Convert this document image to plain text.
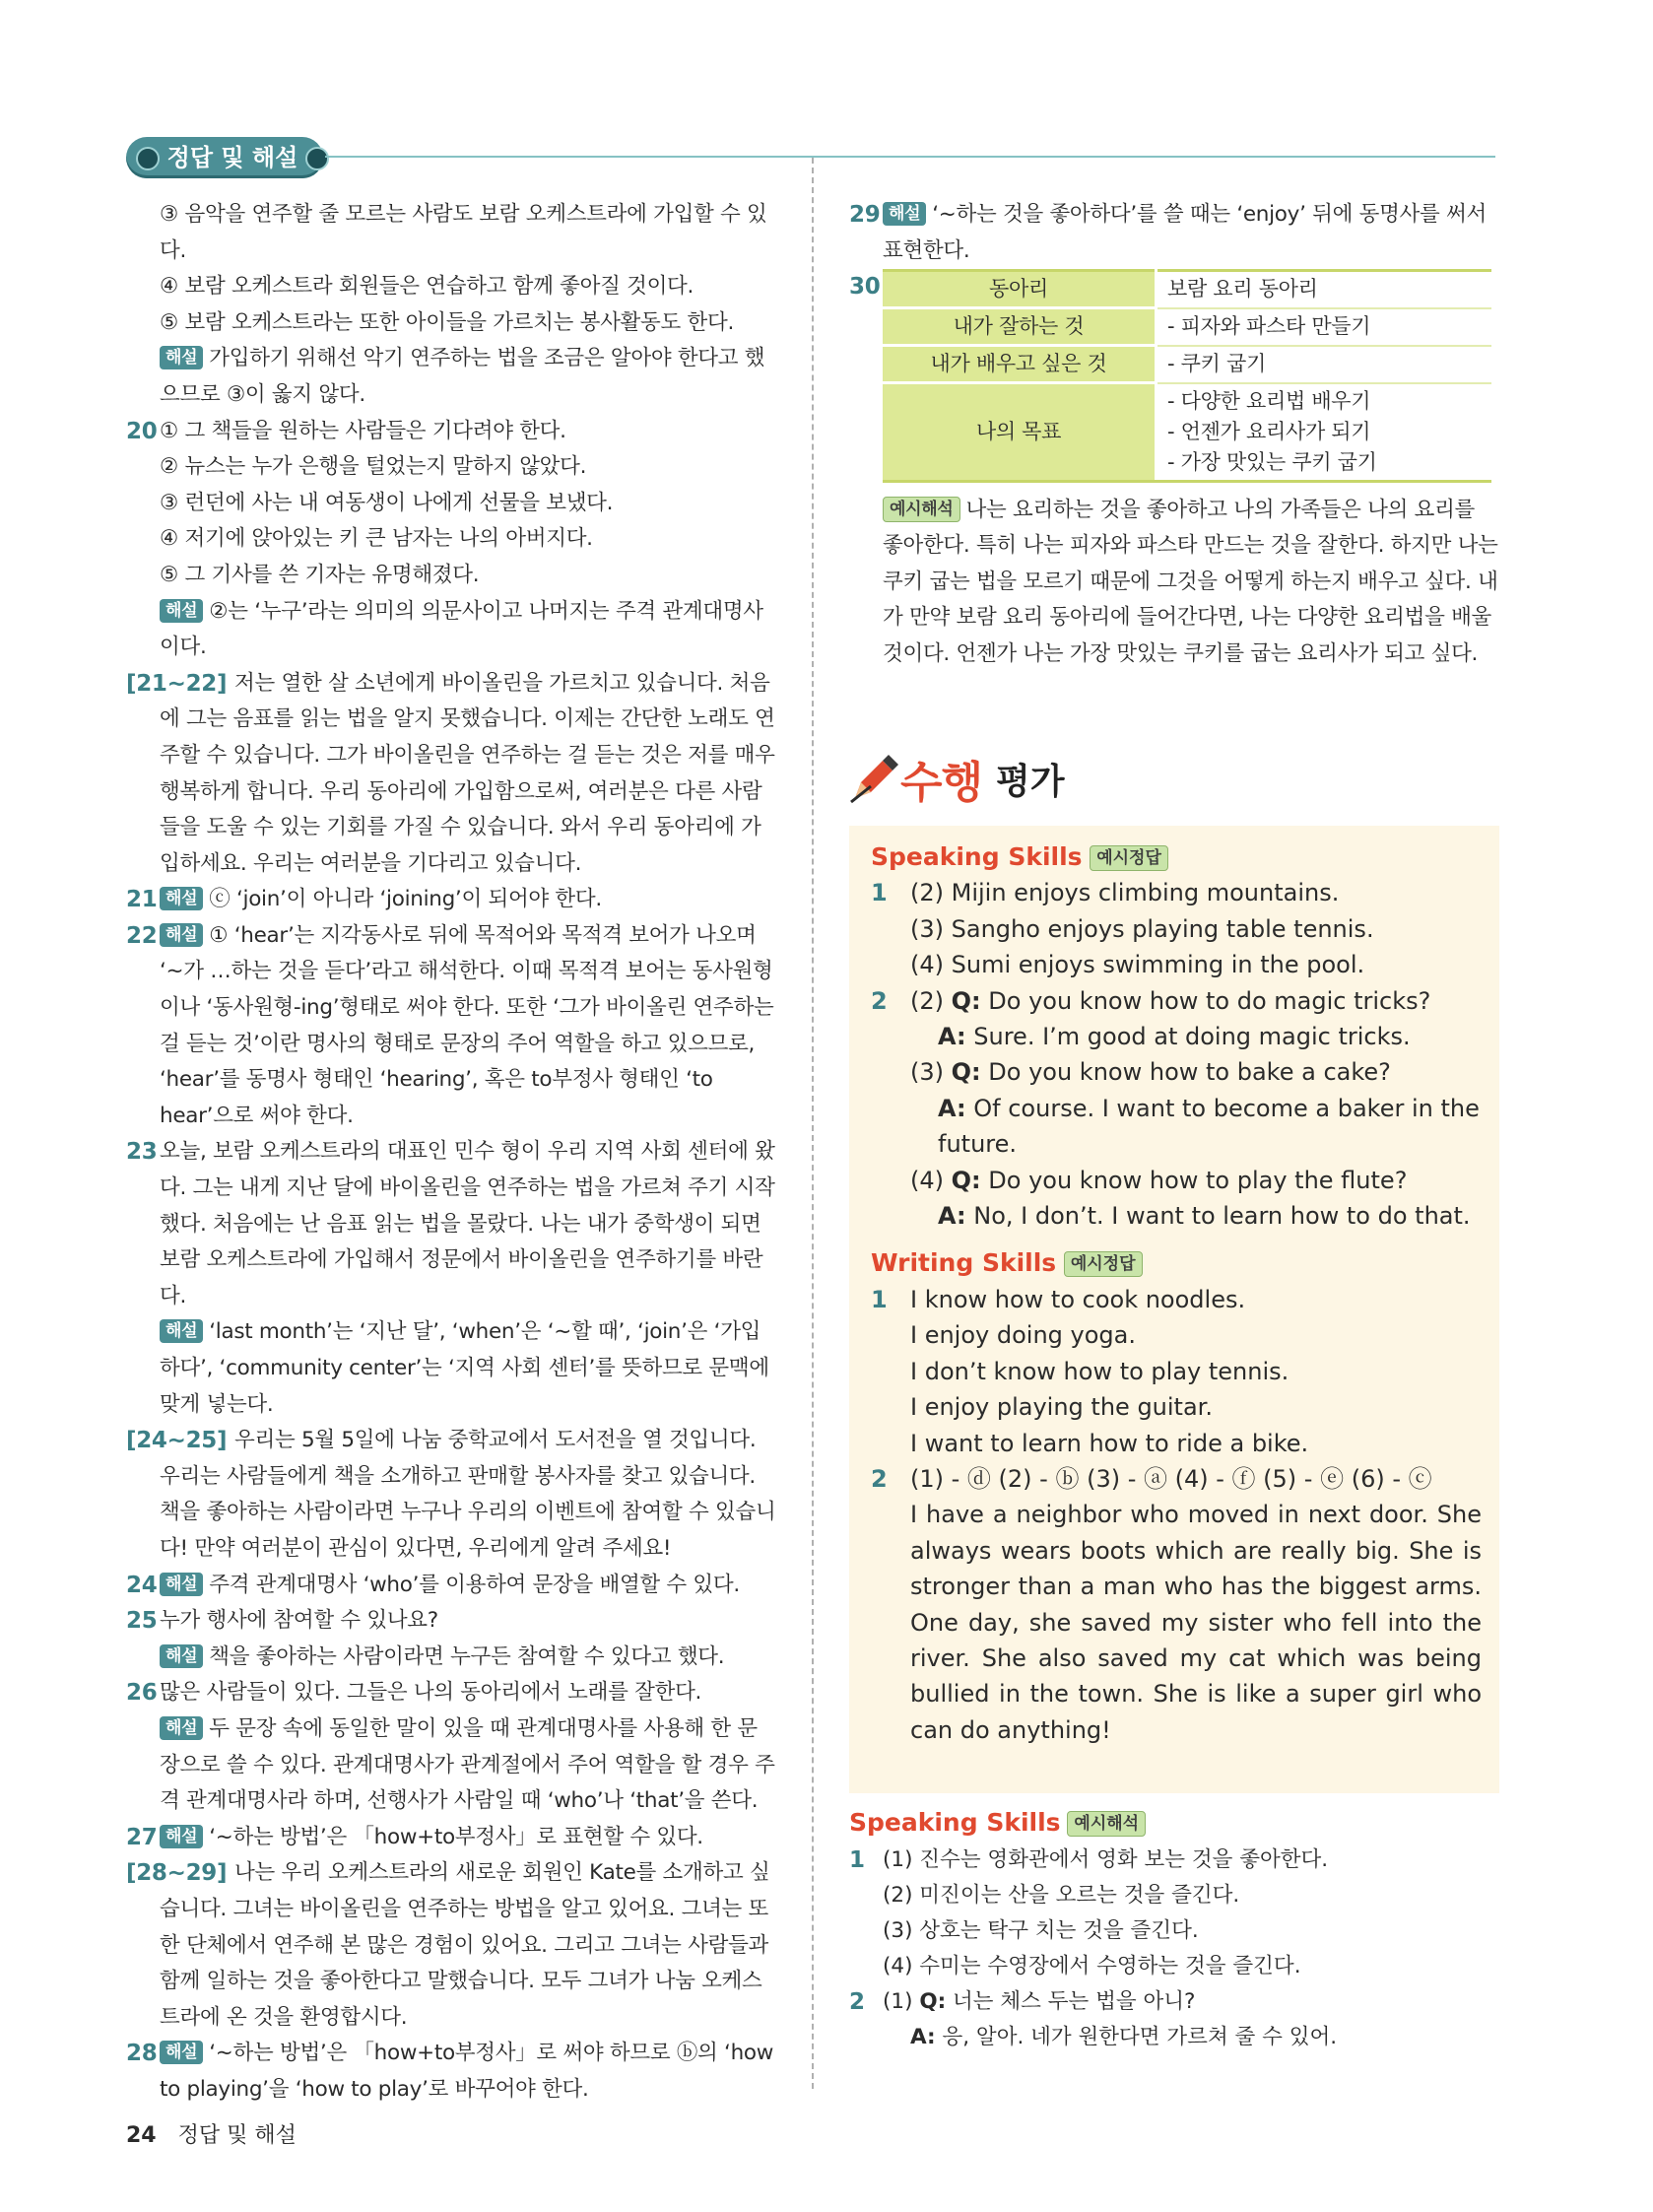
정답 및 해설
③ 음악을 연주할 줄 모르는 사람도 보람 오케스트라에 가입할 수 있다.
④ 보람 오케스트라 회원들은 연습하고 함께 좋아질 것이다.
⑤ 보람 오케스트라는 또한 아이들을 가르치는 봉사활동도 한다.
해설 가입하기 위해선 악기 연주하는 법을 조금은 알아야 한다고 했으므로 ③이 옳지 않다.
20 ① 그 책들을 원하는 사람들은 기다려야 한다.
② 뉴스는 누가 은행을 털었는지 말하지 않았다.
③ 런던에 사는 내 여동생이 나에게 선물을 보냈다.
④ 저기에 앉아있는 키 큰 남자는 나의 아버지다.
⑤ 그 기사를 쓴 기자는 유명해졌다.
해설 ②는 ‘누구’라는 의미의 의문사이고 나머지는 주격 관계대명사이다.
[21~22] 저는 열한 살 소년에게 바이올린을 가르치고 있습니다. 처음에 그는 음표를 읽는 법을 알지 못했습니다. 이제는 간단한 노래도 연주할 수 있습니다. 그가 바이올린을 연주하는 걸 듣는 것은 저를 매우 행복하게 합니다. 우리 동아리에 가입함으로써, 여러분은 다른 사람들을 도울 수 있는 기회를 가질 수 있습니다. 와서 우리 동아리에 가입하세요. 우리는 여러분을 기다리고 있습니다.
21 해설 ⓒ ‘join’이 아니라 ‘joining’이 되어야 한다.
22 해설 ① ‘hear’는 지각동사로 뒤에 목적어와 목적격 보어가 나오며 ‘~가 …하는 것을 듣다’라고 해석한다. 이때 목적격 보어는 동사원형이나 ‘동사원형-ing’형태로 써야 한다. 또한 ‘그가 바이올린 연주하는 걸 듣는 것’이란 명사의 형태로 문장의 주어 역할을 하고 있으므로, ‘hear’를 동명사 형태인 ‘hearing’, 혹은 to부정사 형태인 ‘to hear’으로 써야 한다.
23 오늘, 보람 오케스트라의 대표인 민수 형이 우리 지역 사회 센터에 왔다. 그는 내게 지난 달에 바이올린을 연주하는 법을 가르쳐 주기 시작했다. 처음에는 난 음표 읽는 법을 몰랐다. 나는 내가 중학생이 되면 보람 오케스트라에 가입해서 정문에서 바이올린을 연주하기를 바란다.
해설 ‘last month’는 ‘지난 달’, ‘when’은 ‘~할 때’, ‘join’은 ‘가입하다’, ‘community center’는 ‘지역 사회 센터’를 뜻하므로 문맥에 맞게 넣는다.
[24~25] 우리는 5월 5일에 나눔 중학교에서 도서전을 열 것입니다. 우리는 사람들에게 책을 소개하고 판매할 봉사자를 찾고 있습니다. 책을 좋아하는 사람이라면 누구나 우리의 이벤트에 참여할 수 있습니다! 만약 여러분이 관심이 있다면, 우리에게 알려 주세요!
24 해설 주격 관계대명사 ‘who’를 이용하여 문장을 배열할 수 있다.
25 누가 행사에 참여할 수 있나요?
해설 책을 좋아하는 사람이라면 누구든 참여할 수 있다고 했다.
26 많은 사람들이 있다. 그들은 나의 동아리에서 노래를 잘한다.
해설 두 문장 속에 동일한 말이 있을 때 관계대명사를 사용해 한 문장으로 쓸 수 있다. 관계대명사가 관계절에서 주어 역할을 할 경우 주격 관계대명사라 하며, 선행사가 사람일 때 ‘who’나 ‘that’을 쓴다.
27 해설 ‘~하는 방법’은 「how+to부정사」로 표현할 수 있다.
[28~29] 나는 우리 오케스트라의 새로운 회원인 Kate를 소개하고 싶습니다. 그녀는 바이올린을 연주하는 방법을 알고 있어요. 그녀는 또한 단체에서 연주해 본 많은 경험이 있어요. 그리고 그녀는 사람들과 함께 일하는 것을 좋아한다고 말했습니다. 모두 그녀가 나눔 오케스트라에 온 것을 환영합시다.
28 해설 ‘~하는 방법’은 「how+to부정사」로 써야 하므로 ⓑ의 ‘how to playing’을 ‘how to play’로 바꾸어야 한다.
29 해설 ‘~하는 것을 좋아하다’를 쓸 때는 ‘enjoy’ 뒤에 동명사를 써서 표현한다.
30	동아리	보람 요리 동아리
내가 잘하는 것	- 피자와 파스타 만들기
내가 배우고 싶은 것	- 쿠키 굽기
나의 목표	- 다양한 요리법 배우기
- 언젠가 요리사가 되기
- 가장 맛있는 쿠키 굽기
예시해석 나는 요리하는 것을 좋아하고 나의 가족들은 나의 요리를 좋아한다. 특히 나는 피자와 파스타 만드는 것을 잘한다. 하지만 나는 쿠키 굽는 법을 모르기 때문에 그것을 어떻게 하는지 배우고 싶다. 내가 만약 보람 요리 동아리에 들어간다면, 나는 다양한 요리법을 배울 것이다. 언젠가 나는 가장 맛있는 쿠키를 굽는 요리사가 되고 싶다.
수행 평가
Speaking Skills 예시정답
1 (2) Mijin enjoys climbing mountains.
(3) Sangho enjoys playing table tennis.
(4) Sumi enjoys swimming in the pool.
2 (2) Q: Do you know how to do magic tricks?
A: Sure. I’m good at doing magic tricks.
(3) Q: Do you know how to bake a cake?
A: Of course. I want to become a baker in the future.
(4) Q: Do you know how to play the flute?
A: No, I don’t. I want to learn how to do that.
Writing Skills 예시정답
1 I know how to cook noodles.
I enjoy doing yoga.
I don’t know how to play tennis.
I enjoy playing the guitar.
I want to learn how to ride a bike.
2 (1) - ⓓ (2) - ⓑ (3) - ⓐ (4) - ⓕ (5) - ⓔ (6) - ⓒ
I have a neighbor who moved in next door. She always wears boots which are really big. She is stronger than a man who has the biggest arms. One day, she saved my sister who fell into the river. She also saved my cat which was being bullied in the town. She is like a super girl who can do anything!
Speaking Skills 예시해석
1 (1) 진수는 영화관에서 영화 보는 것을 좋아한다.
(2) 미진이는 산을 오르는 것을 즐긴다.
(3) 상호는 탁구 치는 것을 즐긴다.
(4) 수미는 수영장에서 수영하는 것을 즐긴다.
2 (1) Q: 너는 체스 두는 법을 아니?
A: 응, 알아. 네가 원한다면 가르쳐 줄 수 있어.
24 정답 및 해설
